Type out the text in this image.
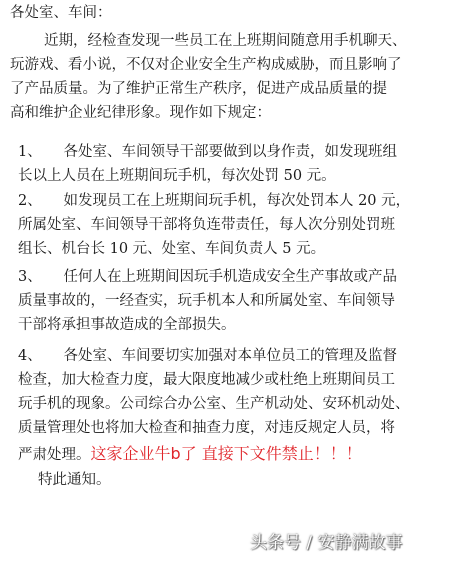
各处室、车间：
近期，经检查发现一些员工在上班期间随意用手机聊天、
玩游戏、看小说，不仅对企业安全生产构成威胁，而且影响了
了产品质量。为了维护正常生产秩序，促进产成品质量的提
高和维护企业纪律形象。现作如下规定：
1、　　各处室、车间领导干部要做到以身作责，如发现班组
长以上人员在上班期间玩手机，每次处罚 50 元。
2、　　如发现员工在上班期间玩手机，每次处罚本人 20 元，
所属处室、车间领导干部将负连带责任，每人次分别处罚班
组长、机台长 10 元、处室、车间负责人 5 元。
3、　　任何人在上班期间因玩手机造成安全生产事故或产品
质量事故的，一经查实，玩手机本人和所属处室、车间领导
干部将承担事故造成的全部损失。
4、　　各处室、车间要切实加强对本单位员工的管理及监督
检查，加大检查力度，最大限度地减少或杜绝上班期间员工
玩手机的现象。公司综合办公室、生产机动处、安环机动处、
质量管理处也将加大检查和抽查力度，对违反规定人员，将
严肃处理。这家企业牛b了 直接下文件禁止！！！
特此通知。
头条号 / 安静满故事
